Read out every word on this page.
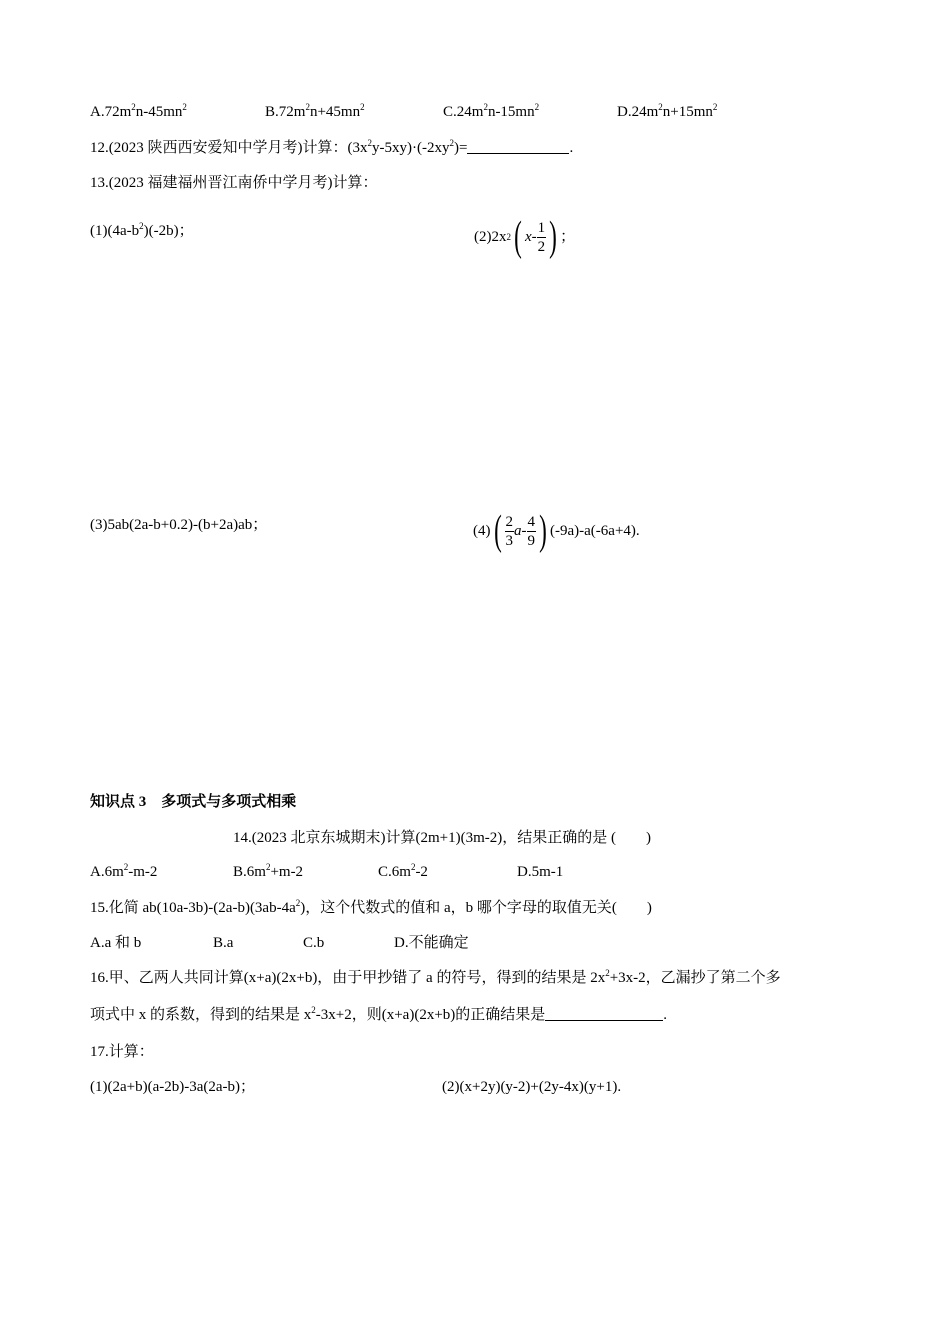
$A.72m^2n-45mn^2$	$B.72m^2n+45mn^2$	$C.24m^2n-15mn^2$	$D.24m^2n+15mn^2$
12.(2023 陕西西安爱知中学月考)计算：$(3x^2y-5xy)\cdot(-2xy^2)=$	.
13.(2023 福建福州晋江南侨中学月考)计算：
$(1)(4a-b^2)(-2b)$；	(2)2x 2 ( x - $\frac{1}{2}$ ) ；
(3)5ab(2a-b+0.2)-(b+2a)ab；	(4) ( $\frac{2}{3}$ a - $\frac{4}{9}$ ) (-9a)-a(-6a+4).
知识点 3　多项式与多项式相乘
14.(2023 北京东城期末)计算(2m+1)(3m-2)，结果正确的是 (　　)
$A.6m^2-m-2$	$B.6m^2+m-2$	$C.6m^2-2$	D.5m-1
15.化简 $ab(10a-3b)-(2a-b)(3ab-4a^2)$，这个代数式的值和 a，b 哪个字母的取值无关(　　)
A.a 和 b	B.a	C.b	D.不能确定
16.甲、乙两人共同计算(x+a)(2x+b)，由于甲抄错了 a 的符号，得到的结果是 $2x^2+3x-2$，乙漏抄了第二个多
项式中 x 的系数，得到的结果是 $x^2-3x+2$，则(x+a)(2x+b)的正确结果是	.
17.计算：
(1)(2a+b)(a-2b)-3a(2a-b)；	(2)(x+2y)(y-2)+(2y-4x)(y+1).
